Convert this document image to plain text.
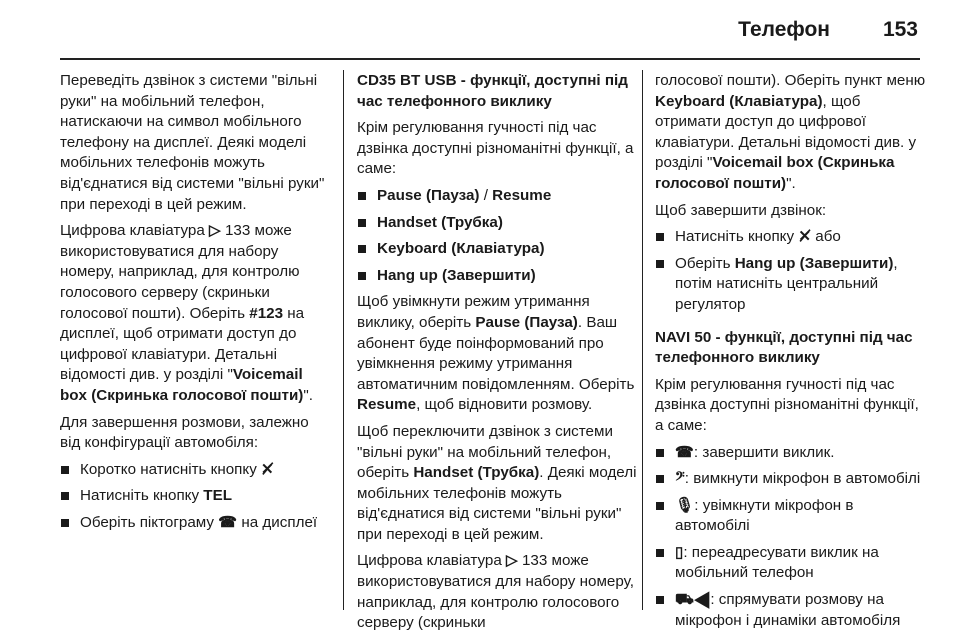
Телефон	153

Переведіть дзвінок з системи "вільні руки" на мобільний телефон, натискаючи на символ мобільного телефону на дисплеї. Деякі моделі мобільних телефонів можуть від'єднатися від системи "вільні руки" при переході в цей режим.

Цифрова клавіатура ▷ 133 може використовуватися для набору номеру, наприклад, для контролю голосового серверу (скриньки голосової пошти). Оберіть #123 на дисплеї, щоб отримати доступ до цифрової клавіатури. Детальні відомості див. у розділі "Voicemail box (Скринька голосової пошти)".

Для завершення розмови, залежно від конфігурації автомобіля:

Коротко натисніть кнопку ✕̸
Натисніть кнопку TEL
Оберіть піктограму ☎ на дисплеї
CD35 BT USB - функції, доступні під час телефонного виклику

Крім регулювання гучності під час дзвінка доступні різноманітні функції, а саме:

Pause (Пауза) / Resume
Handset (Трубка)
Keyboard (Клавіатура)
Hang up (Завершити)

Щоб увімкнути режим утримання виклику, оберіть Pause (Пауза). Ваш абонент буде поінформований про увімкнення режиму утримання автоматичним повідомленням. Оберіть Resume, щоб відновити розмову.

Щоб переключити дзвінок з системи "вільні руки" на мобільний телефон, оберіть Handset (Трубка). Деякі моделі мобільних телефонів можуть від'єднатися від системи "вільні руки" при переході в цей режим.

Цифрова клавіатура ▷ 133 може використовуватися для набору номеру, наприклад, для контролю голосового серверу (скриньки

голосової пошти). Оберіть пункт меню Keyboard (Клавіатура), щоб отримати доступ до цифрової клавіатури. Детальні відомості див. у розділі "Voicemail box (Скринька голосової пошти)".

Щоб завершити дзвінок:

Натисніть кнопку ✕̸ або
Оберіть Hang up (Завершити), потім натисніть центральний регулятор
NAVI 50 - функції, доступні під час телефонного виклику

Крім регулювання гучності під час дзвінка доступні різноманітні функції, а саме:

☎: завершити виклик.
𝄢: вимкнути мікрофон в автомобілі
🎙: увімкнути мікрофон в автомобілі
▯: переадресувати виклик на мобільний телефон
⛟◀: спрямувати розмову на мікрофон і динаміки автомобіля
